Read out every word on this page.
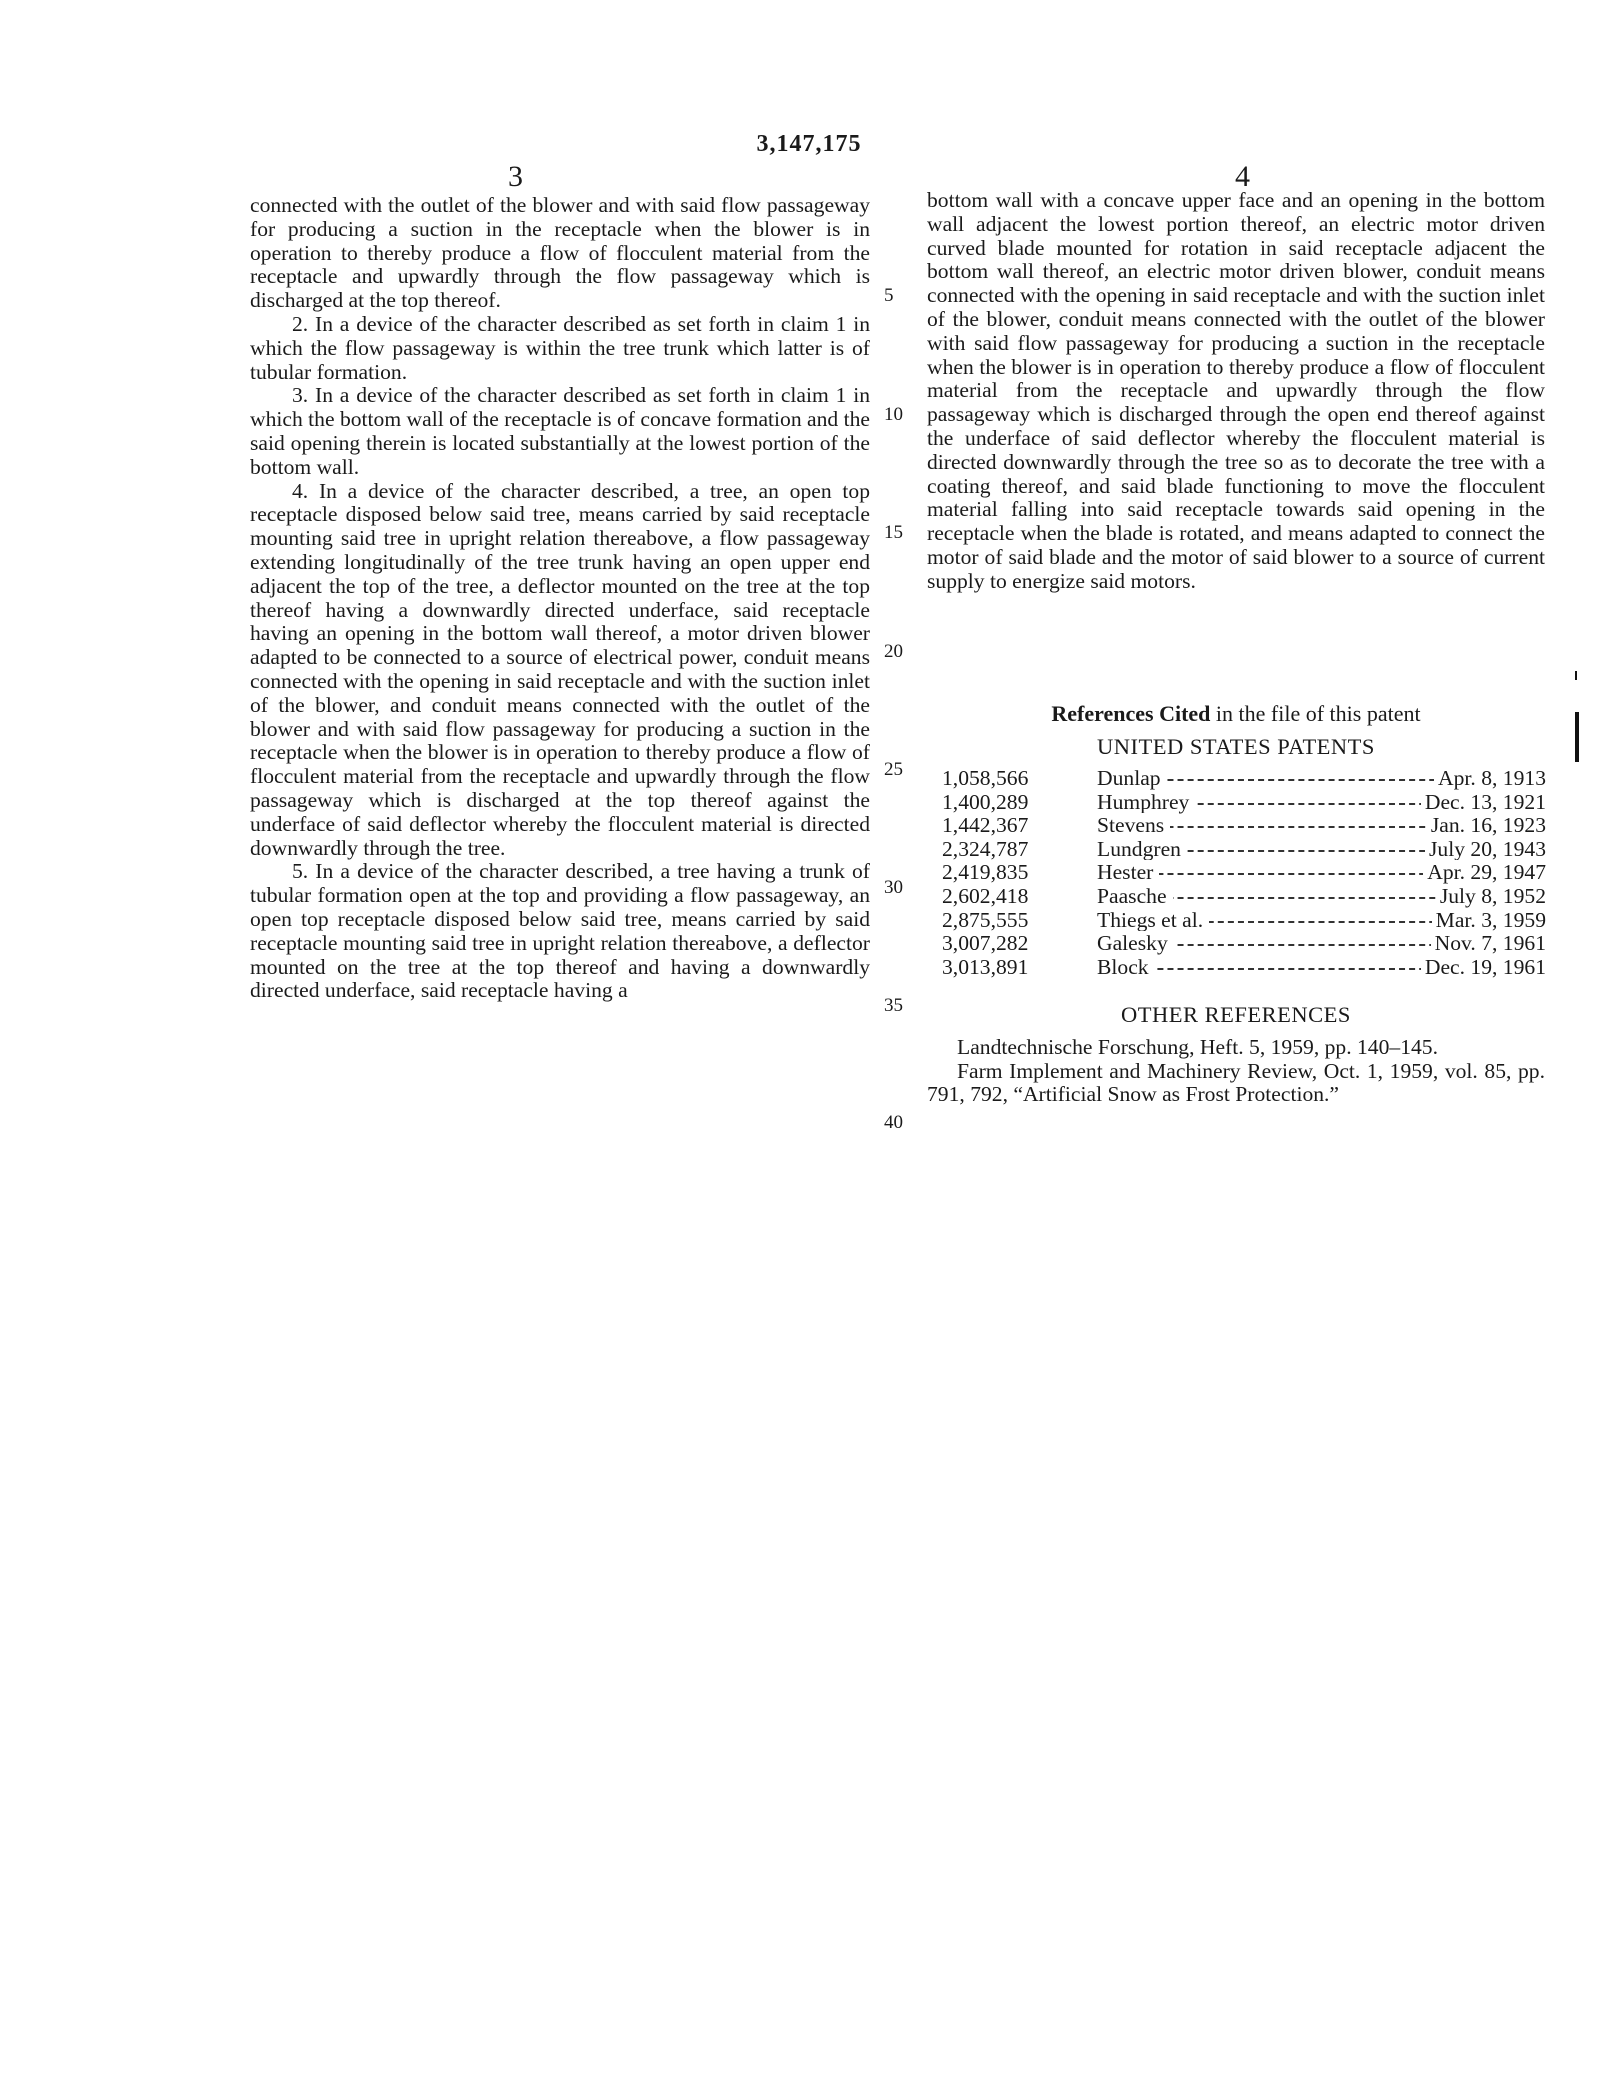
3,147,175
3	4

connected with the outlet of the blower and with said flow passageway for producing a suction in the receptacle when the blower is in operation to thereby produce a flow of flocculent material from the receptacle and upwardly through the flow passageway which is discharged at the top thereof.

2. In a device of the character described as set forth in claim 1 in which the flow passageway is within the tree trunk which latter is of tubular formation.

3. In a device of the character described as set forth in claim 1 in which the bottom wall of the receptacle is of concave formation and the said opening therein is located substantially at the lowest portion of the bottom wall.

4. In a device of the character described, a tree, an open top receptacle disposed below said tree, means carried by said receptacle mounting said tree in upright relation thereabove, a flow passageway extending longitudinally of the tree trunk having an open upper end adjacent the top of the tree, a deflector mounted on the tree at the top thereof having a downwardly directed underface, said receptacle having an opening in the bottom wall thereof, a motor driven blower adapted to be connected to a source of electrical power, conduit means connected with the opening in said receptacle and with the suction inlet of the blower, and conduit means connected with the outlet of the blower and with said flow passageway for producing a suction in the receptacle when the blower is in operation to thereby produce a flow of flocculent material from the receptacle and upwardly through the flow passageway which is discharged at the top thereof against the underface of said deflector whereby the flocculent material is directed downwardly through the tree.

5. In a device of the character described, a tree having a trunk of tubular formation open at the top and providing a flow passageway, an open top receptacle disposed below said tree, means carried by said receptacle mounting said tree in upright relation thereabove, a deflector mounted on the tree at the top thereof and having a downwardly directed underface, said receptacle having a

5
10
15
20
25
30
35
40

bottom wall with a concave upper face and an opening in the bottom wall adjacent the lowest portion thereof, an electric motor driven curved blade mounted for rotation in said receptacle adjacent the bottom wall thereof, an electric motor driven blower, conduit means connected with the opening in said receptacle and with the suction inlet of the blower, conduit means connected with the outlet of the blower with said flow passageway for producing a suction in the receptacle when the blower is in operation to thereby produce a flow of flocculent material from the receptacle and upwardly through the flow passageway which is discharged through the open end thereof against the underface of said deflector whereby the flocculent material is directed downwardly through the tree so as to decorate the tree with a coating thereof, and said blade functioning to move the flocculent material falling into said receptacle towards said opening in the receptacle when the blade is rotated, and means adapted to connect the motor of said blade and the motor of said blower to a source of current supply to energize said motors.

References Cited in the file of this patent
UNITED STATES PATENTS
1,058,566	Dunlap	Apr. 8, 1913
1,400,289	Humphrey	Dec. 13, 1921
1,442,367	Stevens	Jan. 16, 1923
2,324,787	Lundgren	July 20, 1943
2,419,835	Hester	Apr. 29, 1947
2,602,418	Paasche	July 8, 1952
2,875,555	Thiegs et al.	Mar. 3, 1959
3,007,282	Galesky	Nov. 7, 1961
3,013,891	Block	Dec. 19, 1961
OTHER REFERENCES

Landtechnische Forschung, Heft. 5, 1959, pp. 140–145.

Farm Implement and Machinery Review, Oct. 1, 1959, vol. 85, pp. 791, 792, “Artificial Snow as Frost Protection.”
